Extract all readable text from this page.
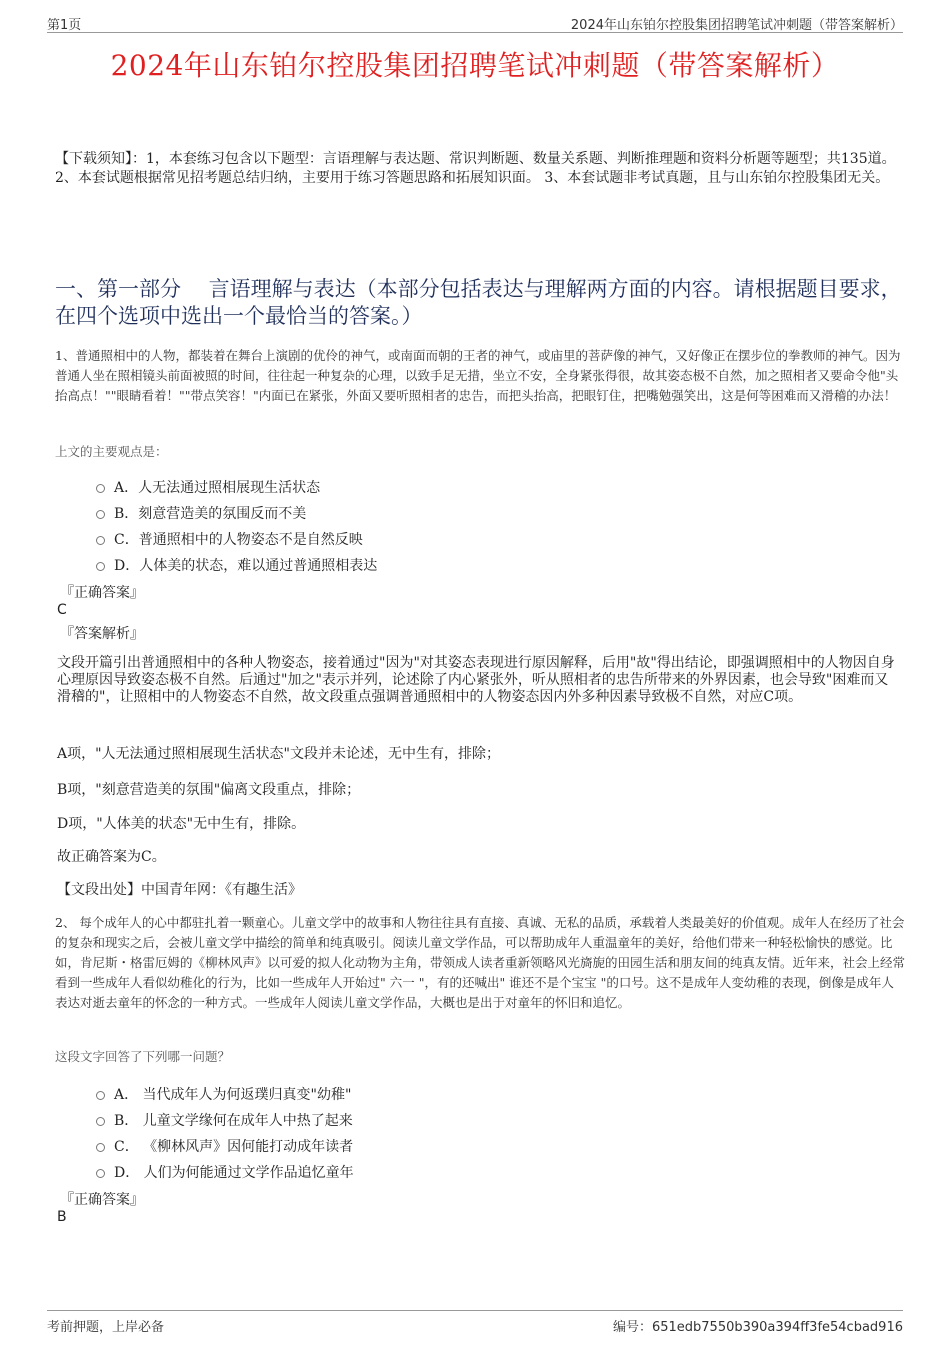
第1页	2024年山东铂尔控股集团招聘笔试冲刺题（带答案解析）
2024年山东铂尔控股集团招聘笔试冲刺题（带答案解析）
【下载须知】：1，本套练习包含以下题型：言语理解与表达题、常识判断题、数量关系题、判断推理题和资料分析题等题型；共135道。 2、本套试题根据常见招考题总结归纳，主要用于练习答题思路和拓展知识面。 3、本套试题非考试真题，且与山东铂尔控股集团无关。
一、第一部分　 言语理解与表达（本部分包括表达与理解两方面的内容。请根据题目要求，在四个选项中选出一个最恰当的答案。）
1、普通照相中的人物，都装着在舞台上演剧的优伶的神气，或南面而朝的王者的神气，或庙里的菩萨像的神气，又好像正在摆步位的拳教师的神气。因为普通人坐在照相镜头前面被照的时间，往往起一种复杂的心理，以致手足无措，坐立不安，全身紧张得很，故其姿态极不自然，加之照相者又要命令他"头抬高点！""眼睛看着！""带点笑容！"内面已在紧张，外面又要听照相者的忠告，而把头抬高，把眼钉住，把嘴勉强笑出，这是何等困难而又滑稽的办法！
上文的主要观点是：
A．人无法通过照相展现生活状态
B．刻意营造美的氛围反而不美
C．普通照相中的人物姿态不是自然反映
D．人体美的状态，难以通过普通照相表达
『正确答案』
C
『答案解析』
文段开篇引出普通照相中的各种人物姿态，接着通过"因为"对其姿态表现进行原因解释，后用"故"得出结论，即强调照相中的人物因自身心理原因导致姿态极不自然。后通过"加之"表示并列，论述除了内心紧张外，听从照相者的忠告所带来的外界因素，也会导致"困难而又滑稽的"，让照相中的人物姿态不自然，故文段重点强调普通照相中的人物姿态因内外多种因素导致极不自然，对应C项。
A项，"人无法通过照相展现生活状态"文段并未论述，无中生有，排除；
B项，"刻意营造美的氛围"偏离文段重点，排除；
D项，"人体美的状态"无中生有，排除。
故正确答案为C。
【文段出处】中国青年网：《有趣生活》
2、 每个成年人的心中都驻扎着一颗童心。儿童文学中的故事和人物往往具有直接、真诚、无私的品质，承载着人类最美好的价值观。成年人在经历了社会的复杂和现实之后，会被儿童文学中描绘的简单和纯真吸引。阅读儿童文学作品，可以帮助成年人重温童年的美好，给他们带来一种轻松愉快的感觉。比如，肯尼斯・格雷厄姆的《柳林风声》以可爱的拟人化动物为主角，带领成人读者重新领略风光旖旎的田园生活和朋友间的纯真友情。近年来，社会上经常看到一些成年人看似幼稚化的行为，比如一些成年人开始过" 六一 "，有的还喊出" 谁还不是个宝宝 "的口号。这不是成年人变幼稚的表现，倒像是成年人表达对逝去童年的怀念的一种方式。一些成年人阅读儿童文学作品，大概也是出于对童年的怀旧和追忆。
这段文字回答了下列哪一问题？
A． 当代成年人为何返璞归真变"幼稚"
B． 儿童文学缘何在成年人中热了起来
C． 《柳林风声》因何能打动成年读者
D． 人们为何能通过文学作品追忆童年
『正确答案』
B
考前押题，上岸必备	编号：651edb7550b390a394ff3fe54cbad916
